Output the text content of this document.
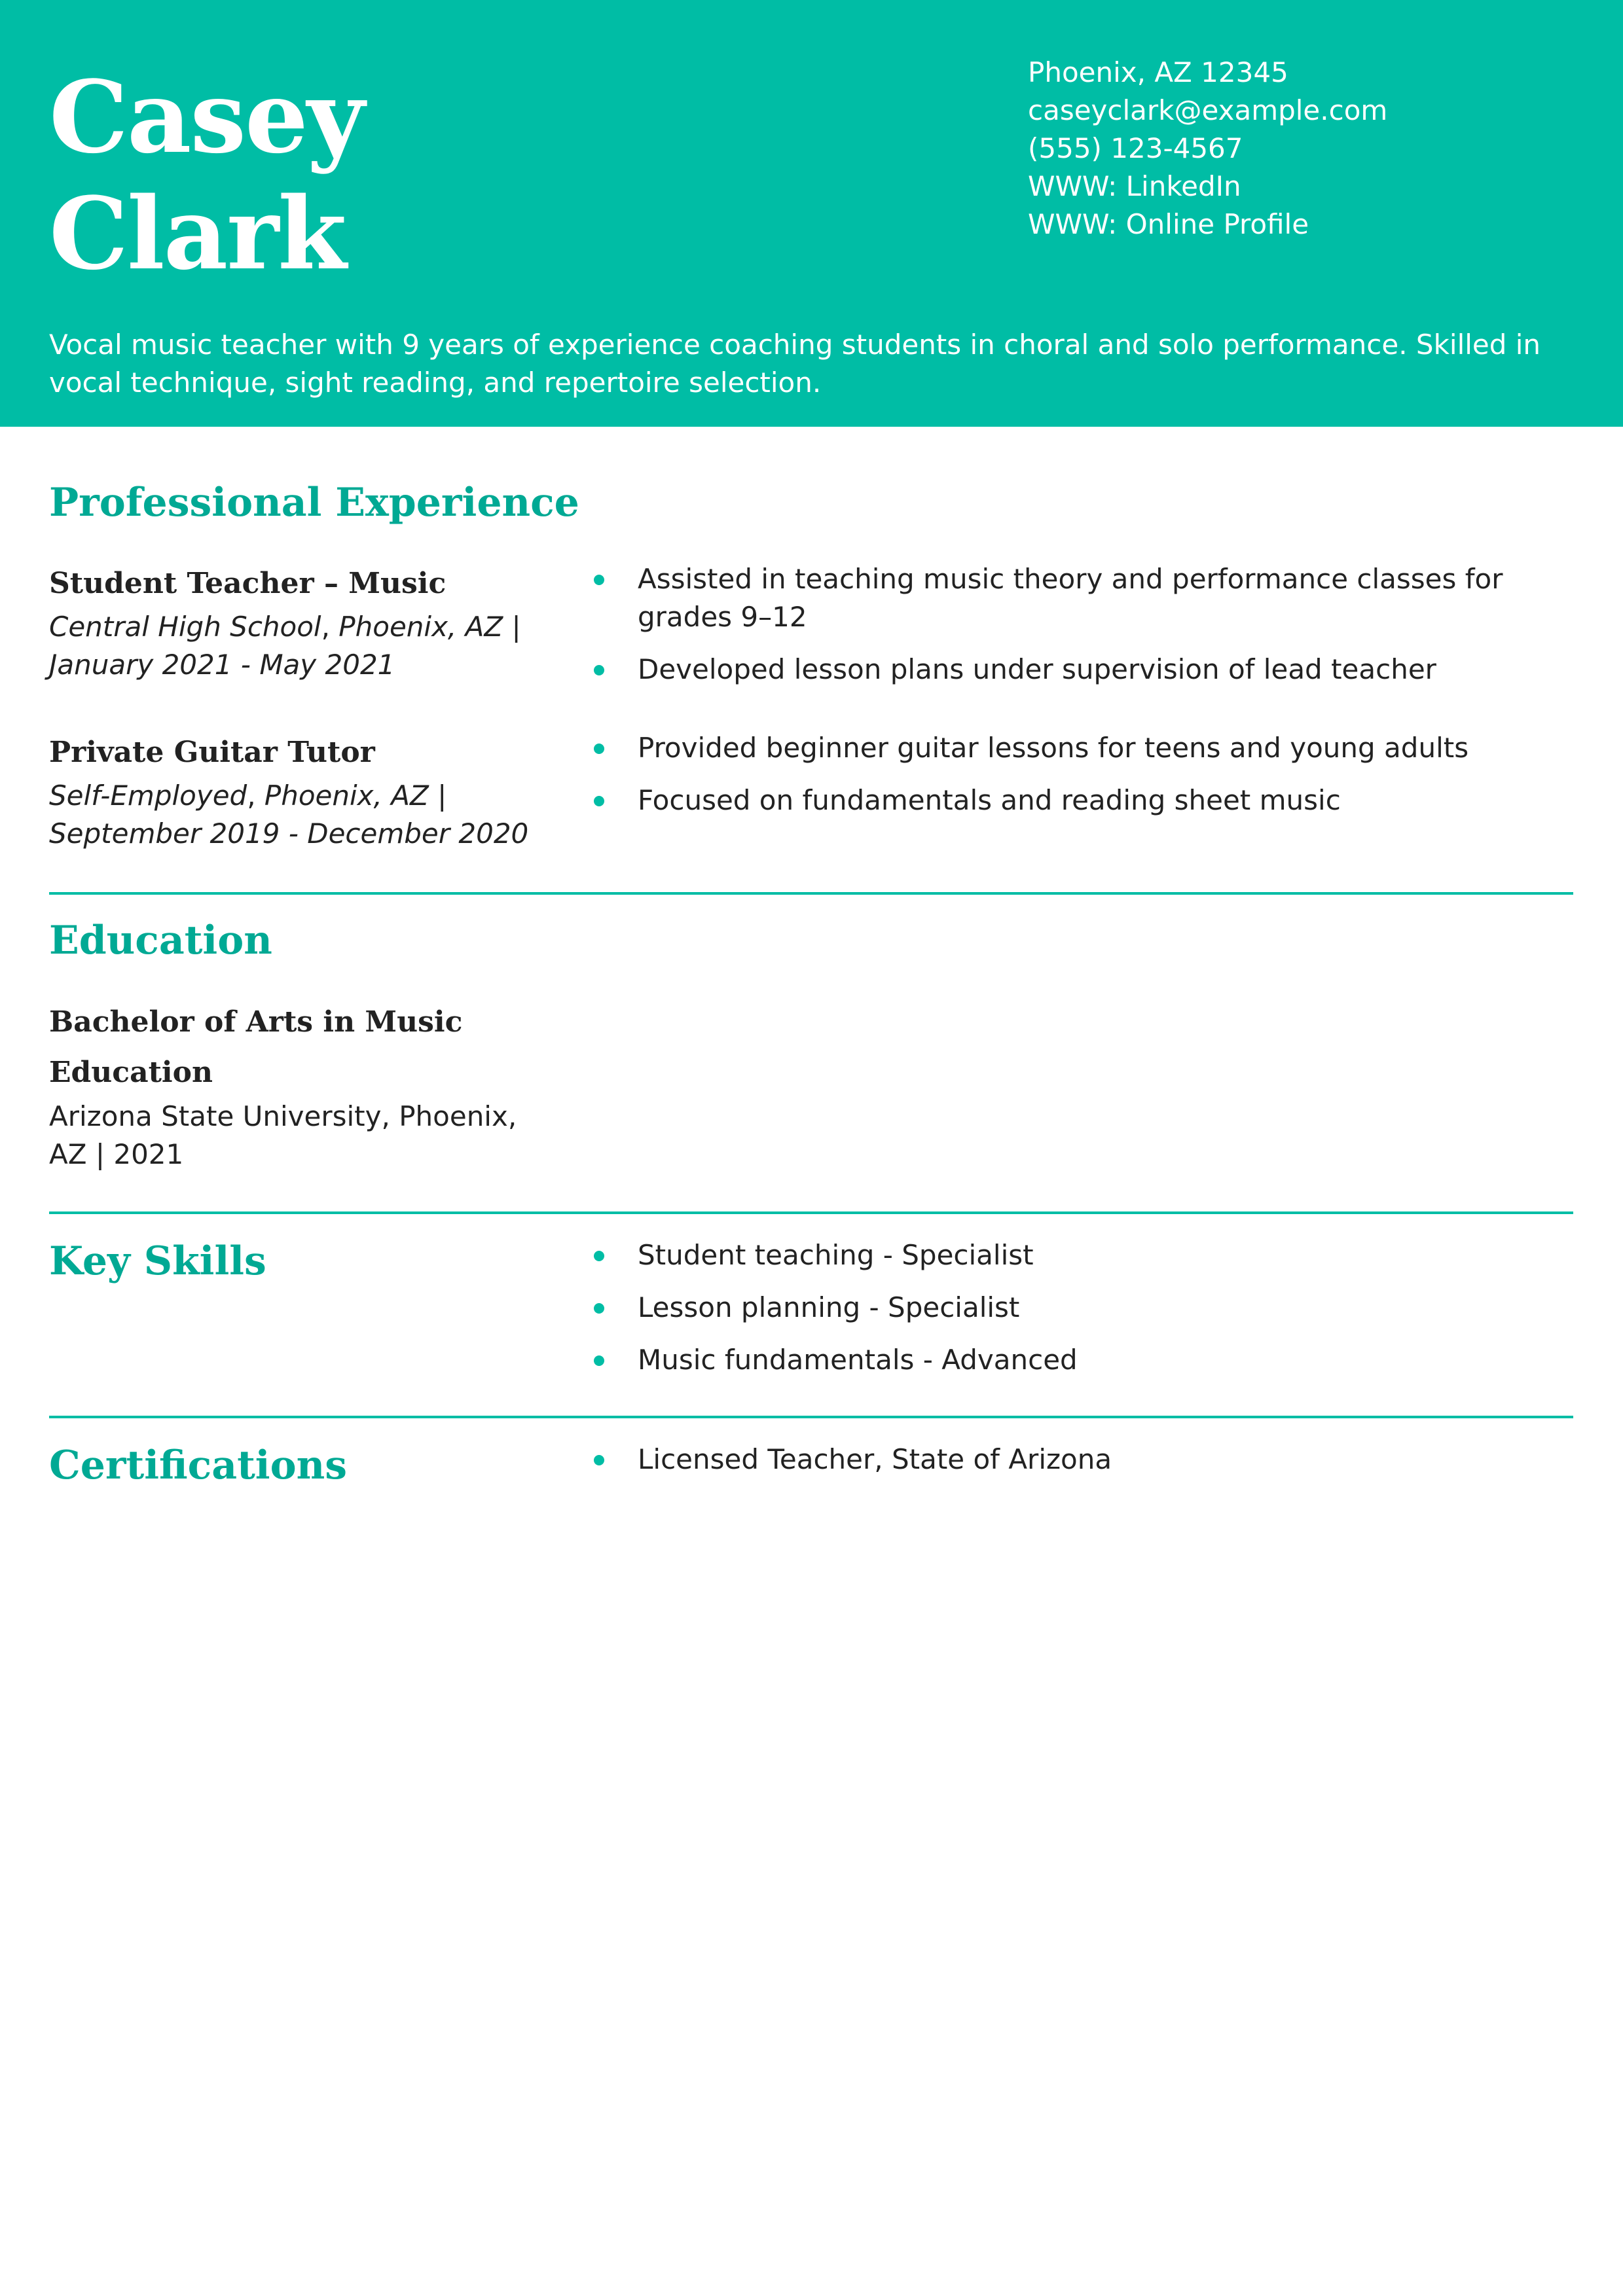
Casey
Clark
Phoenix, AZ 12345
caseyclark@example.com
(555) 123-4567
WWW: LinkedIn
WWW: Online Profile
Vocal music teacher with 9 years of experience coaching students in choral and solo performance. Skilled in vocal technique, sight reading, and repertoire selection.
Professional Experience
Student Teacher – Music
Central High School, Phoenix, AZ |
January 2021 - May 2021
Assisted in teaching music theory and performance classes for grades 9–12
Developed lesson plans under supervision of lead teacher
Private Guitar Tutor
Self-Employed, Phoenix, AZ |
September 2019 - December 2020
Provided beginner guitar lessons for teens and young adults
Focused on fundamentals and reading sheet music
Education
Bachelor of Arts in Music
Education
Arizona State University, Phoenix,
AZ | 2021
Key Skills	Student teaching - Specialist
Lesson planning - Specialist
Music fundamentals - Advanced
Certifications	Licensed Teacher, State of Arizona
